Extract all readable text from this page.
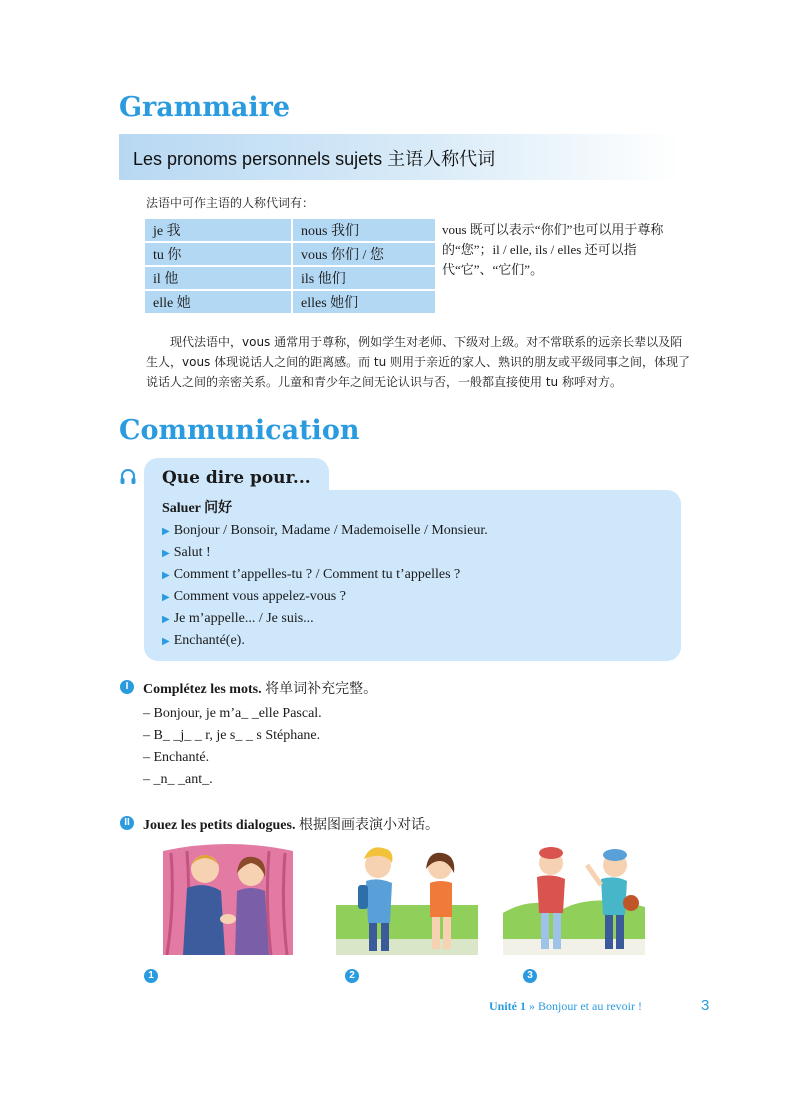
Grammaire
Les pronoms personnels sujets 主语人称代词
法语中可作主语的人称代词有：
je 我	nous 我们
tu 你	vous 你们 / 您
il 他	ils 他们
elle 她	elles 她们
vous 既可以表示“你们”也可以用于尊称的“您”；il / elle, ils / elles 还可以指代“它”、“它们”。
现代法语中，vous 通常用于尊称，例如学生对老师、下级对上级。对不常联系的远亲长辈以及陌生人，vous 体现说话人之间的距离感。而 tu 则用于亲近的家人、熟识的朋友或平级同事之间，体现了说话人之间的亲密关系。儿童和青少年之间无论认识与否，一般都直接使用 tu 称呼对方。
Communication
Que dire pour...
Saluer 问好
▶ Bonjour / Bonsoir, Madame / Mademoiselle / Monsieur.
▶ Salut !
▶ Comment t’appelles-tu ? / Comment tu t’appelles ?
▶ Comment vous appelez-vous ?
▶ Je m’appelle... / Je suis...
▶ Enchanté(e).
I	Complétez les mots. 将单词补充完整。
– Bonjour, je m’a_ _elle Pascal.
– B_ _j_ _ r, je s_ _ s Stéphane.
– Enchanté.
– _n_ _ant_.
II Jouez les petits dialogues. 根据图画表演小对话。
1	2	3
Unité 1 » Bonjour et au revoir !	3
